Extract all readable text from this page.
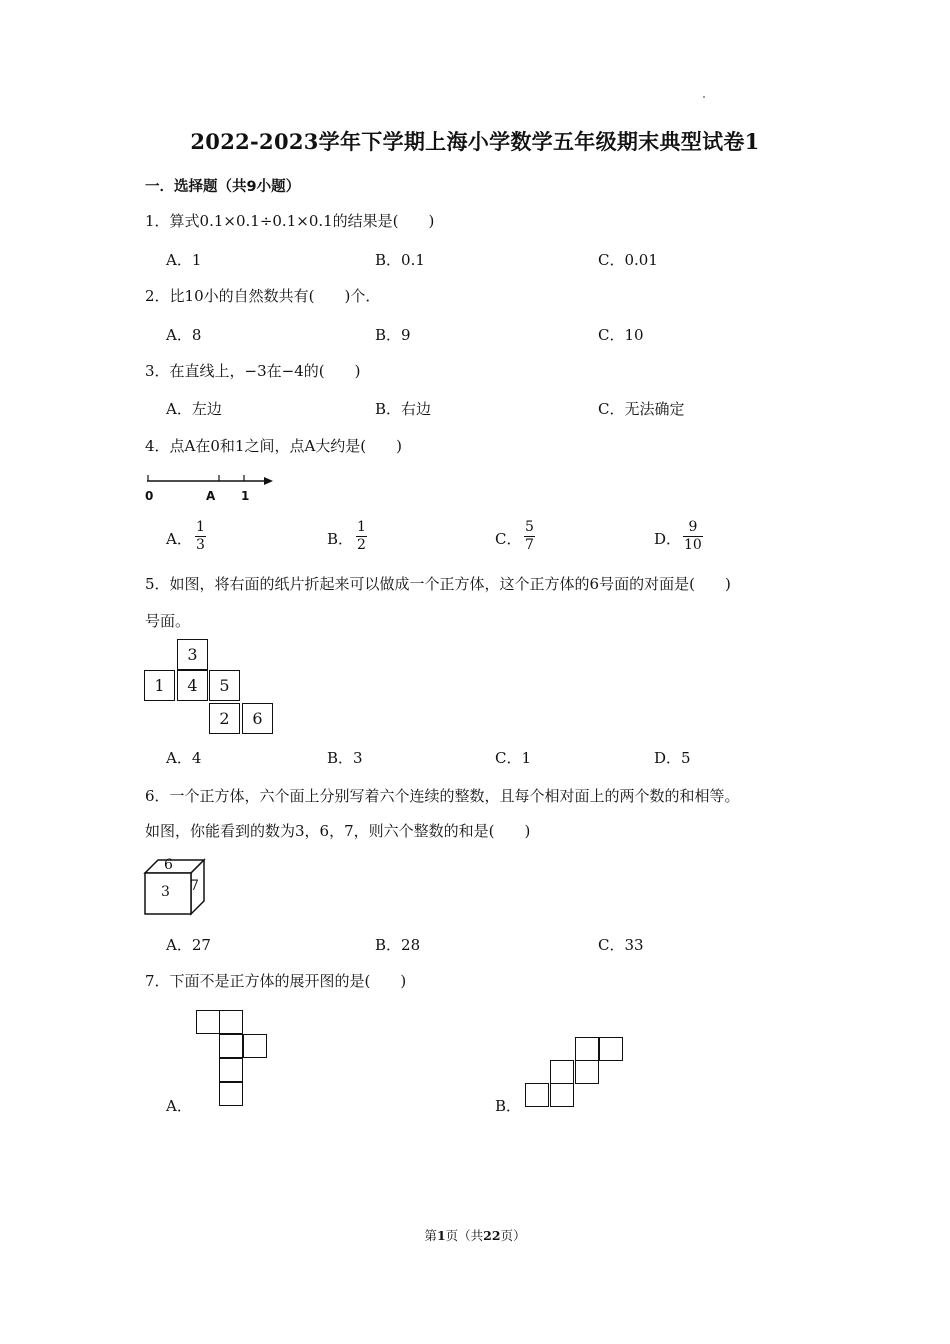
2022-2023学年下学期上海小学数学五年级期末典型试卷1
一．选择题（共9小题）
1．算式0.1×0.1÷0.1×0.1的结果是(　　)
A．1	B．0.1	C．0.01
2．比10小的自然数共有(　　)个．
A．8	B．9	C．10
3．在直线上，−3在−4的(　　)
A．左边	B．右边	C．无法确定
4．点A在0和1之间，点A大约是(　　)
0	A 1
A．
1
3	B．
1
2	C．
5
7	D．
9
10
5．如图，将右面的纸片折起来可以做成一个正方体，这个正方体的6号面的对面是(　　)
号面。
3
1	4	5
2	6
A．4	B．3	C．1	D．5
6．一个正方体，六个面上分别写着六个连续的整数，且每个相对面上的两个数的和相等。
如图，你能看到的数为3，6，7，则六个整数的和是(　　)
6
3 7
A．27	B．28	C．33
7．下面不是正方体的展开图的是(　　)
A．	B．
第1页（共22页）
